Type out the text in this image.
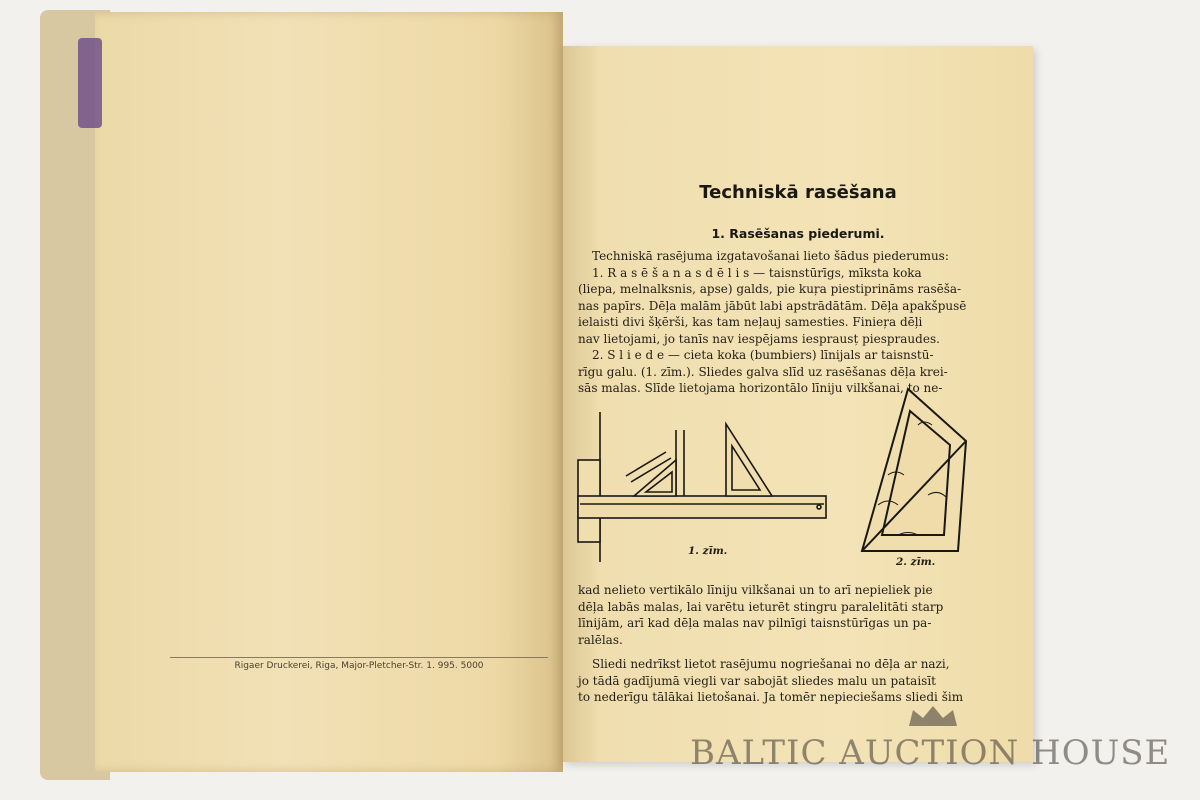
Rigaer Druckerei, Riga, Major-Pletcher-Str. 1. 995. 5000
Techniskā rasēšana
1. Rasēšanas piederumi.
Techniskā rasējuma izgatavošanai lieto šādus piederumus:
1. R a s ē š a n a s d ē l i s — taisnstūrīgs, mīksta koka
(liepa, melnalksnis, apse) galds, pie kuŗa piestiprināms rasēša-
nas papīrs. Dēļa malām jābūt labi apstrādātām. Dēļa apakšpusē
ielaisti divi šķērši, kas tam neļauj samesties. Finieŗa dēļi
nav lietojami, jo tanīs nav iespējams iesprausț piesprаudes.
2. S l i e d e — cieta koka (bumbiers) līnijals ar taisnstū-
rīgu galu. (1. zīm.). Sliedes galva slīd uz rasēšanas dēļa krei-
sās malas. Slīde lietojama horizontālo līniju vilkšanai, to ne-
1. zīm.
2. zīm.
kad nelieto vertikālo līniju vilkšanai un to arī nepieliek pie
dēļa labās malas, lai varētu ieturēt stingru paralelitāti starp
līnijām, arī kad dēļa malas nav pilnīgi taisnstūrīgas un pa-
ralēlas.
Sliedi nedrīkst lietot rasējumu nogriešanai no dēļa ar nazi,
jo tādā gadījumā viegli var sabojāt sliedes malu un pataisīt
to nederīgu tālākai lietošanai. Ja tomēr nepieciešams sliedi šim
BALTIC AUCTION HOUSE
